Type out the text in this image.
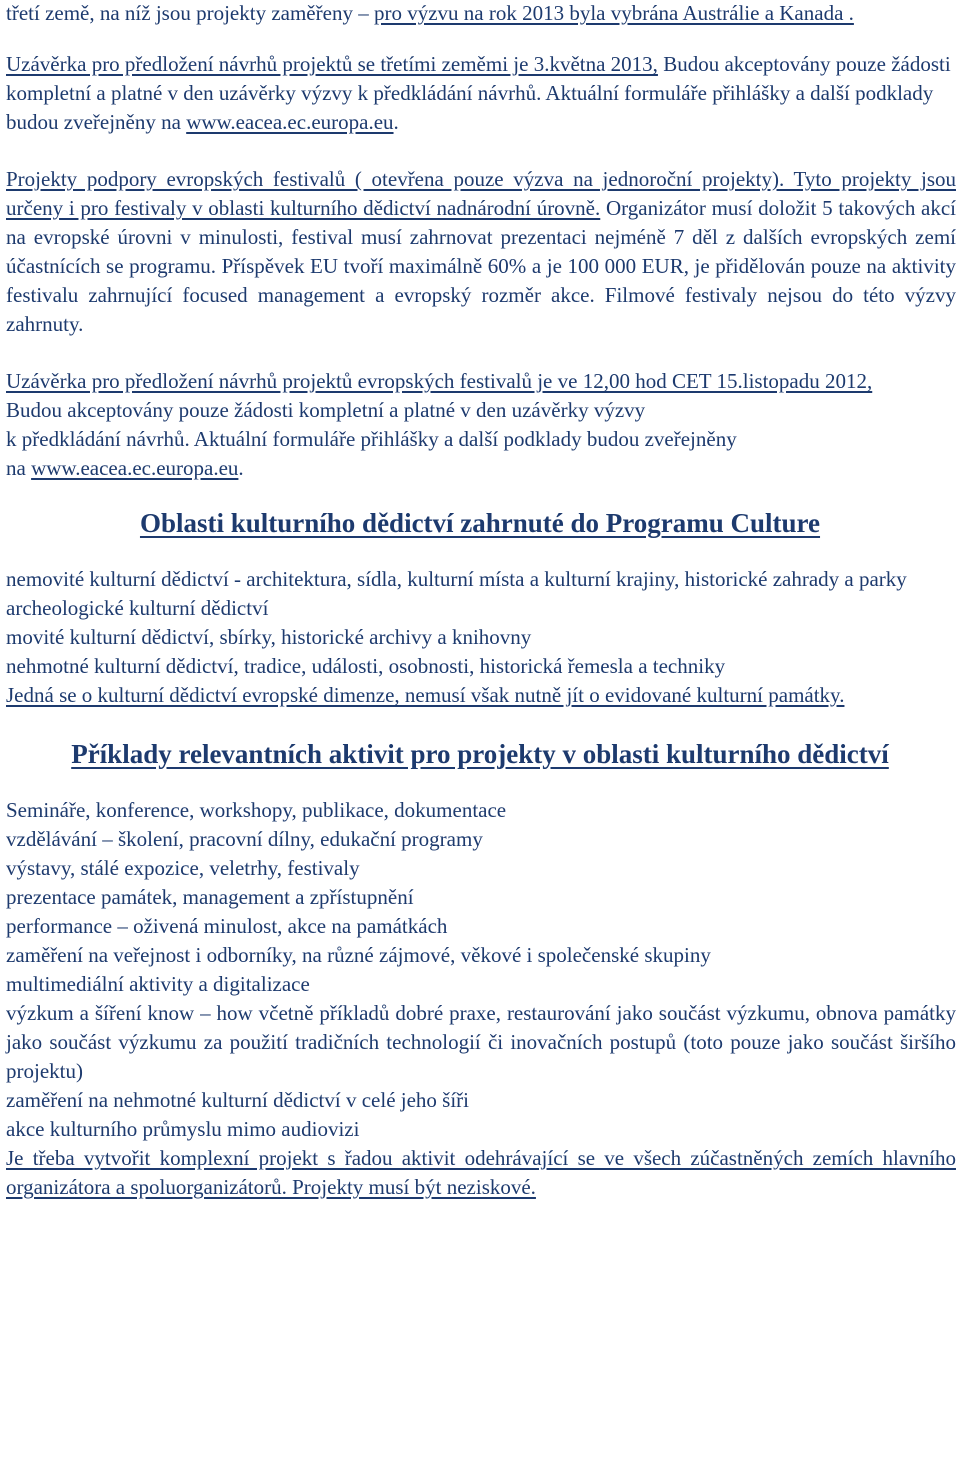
třetí země, na níž jsou projekty zaměřeny – pro výzvu na rok 2013 byla vybrána Austrálie a Kanada .

Uzávěrka pro předložení návrhů projektů se třetími zeměmi je 3.května 2013, Budou akceptovány pouze žádosti kompletní a platné v den uzávěrky výzvy k předkládání návrhů. Aktuální formuláře přihlášky a další podklady budou zveřejněny na www.eacea.ec.europa.eu.

Projekty podpory evropských festivalů ( otevřena pouze výzva na jednoroční projekty). Tyto projekty jsou určeny i pro festivaly v oblasti kulturního dědictví nadnárodní úrovně. Organizátor musí doložit 5 takových akcí na evropské úrovni v minulosti, festival musí zahrnovat prezentaci nejméně 7 děl z dalších evropských zemí účastnících se programu. Příspěvek EU tvoří maximálně 60% a je 100 000 EUR, je přidělován pouze na aktivity festivalu zahrnující focused management a evropský rozměr akce. Filmové festivaly nejsou do této výzvy zahrnuty.

Uzávěrka pro předložení návrhů projektů evropských festivalů je ve 12,00 hod CET 15.listopadu 2012,
Budou akceptovány pouze žádosti kompletní a platné v den uzávěrky výzvy
k předkládání návrhů. Aktuální formuláře přihlášky a další podklady budou zveřejněny
na www.eacea.ec.europa.eu.

Oblasti kulturního dědictví zahrnuté do Programu Culture
nemovité kulturní dědictví - architektura, sídla, kulturní místa a kulturní krajiny, historické zahrady a parky
archeologické kulturní dědictví
movité kulturní dědictví, sbírky, historické archivy a knihovny
nehmotné kulturní dědictví, tradice, události, osobnosti, historická řemesla a techniky
Jedná se o kulturní dědictví evropské dimenze, nemusí však nutně jít o evidované kulturní památky.
Příklady relevantních aktivit pro projekty v oblasti kulturního dědictví
Semináře, konference, workshopy, publikace, dokumentace
vzdělávání – školení, pracovní dílny, edukační programy
výstavy, stálé expozice, veletrhy, festivaly
prezentace památek, management a zpřístupnění
performance – oživená minulost, akce na památkách
zaměření na veřejnost i odborníky, na různé zájmové, věkové i společenské skupiny
multimediální aktivity a digitalizace
výzkum a šíření know – how včetně příkladů dobré praxe, restaurování jako součást výzkumu, obnova památky jako součást výzkumu za použití tradičních technologií či inovačních postupů (toto pouze jako součást širšího projektu)
zaměření na nehmotné kulturní dědictví v celé jeho šíři
akce kulturního průmyslu mimo audiovizi
Je třeba vytvořit komplexní projekt s řadou aktivit odehrávající se ve všech zúčastněných zemích hlavního organizátora a spoluorganizátorů. Projekty musí být neziskové.
